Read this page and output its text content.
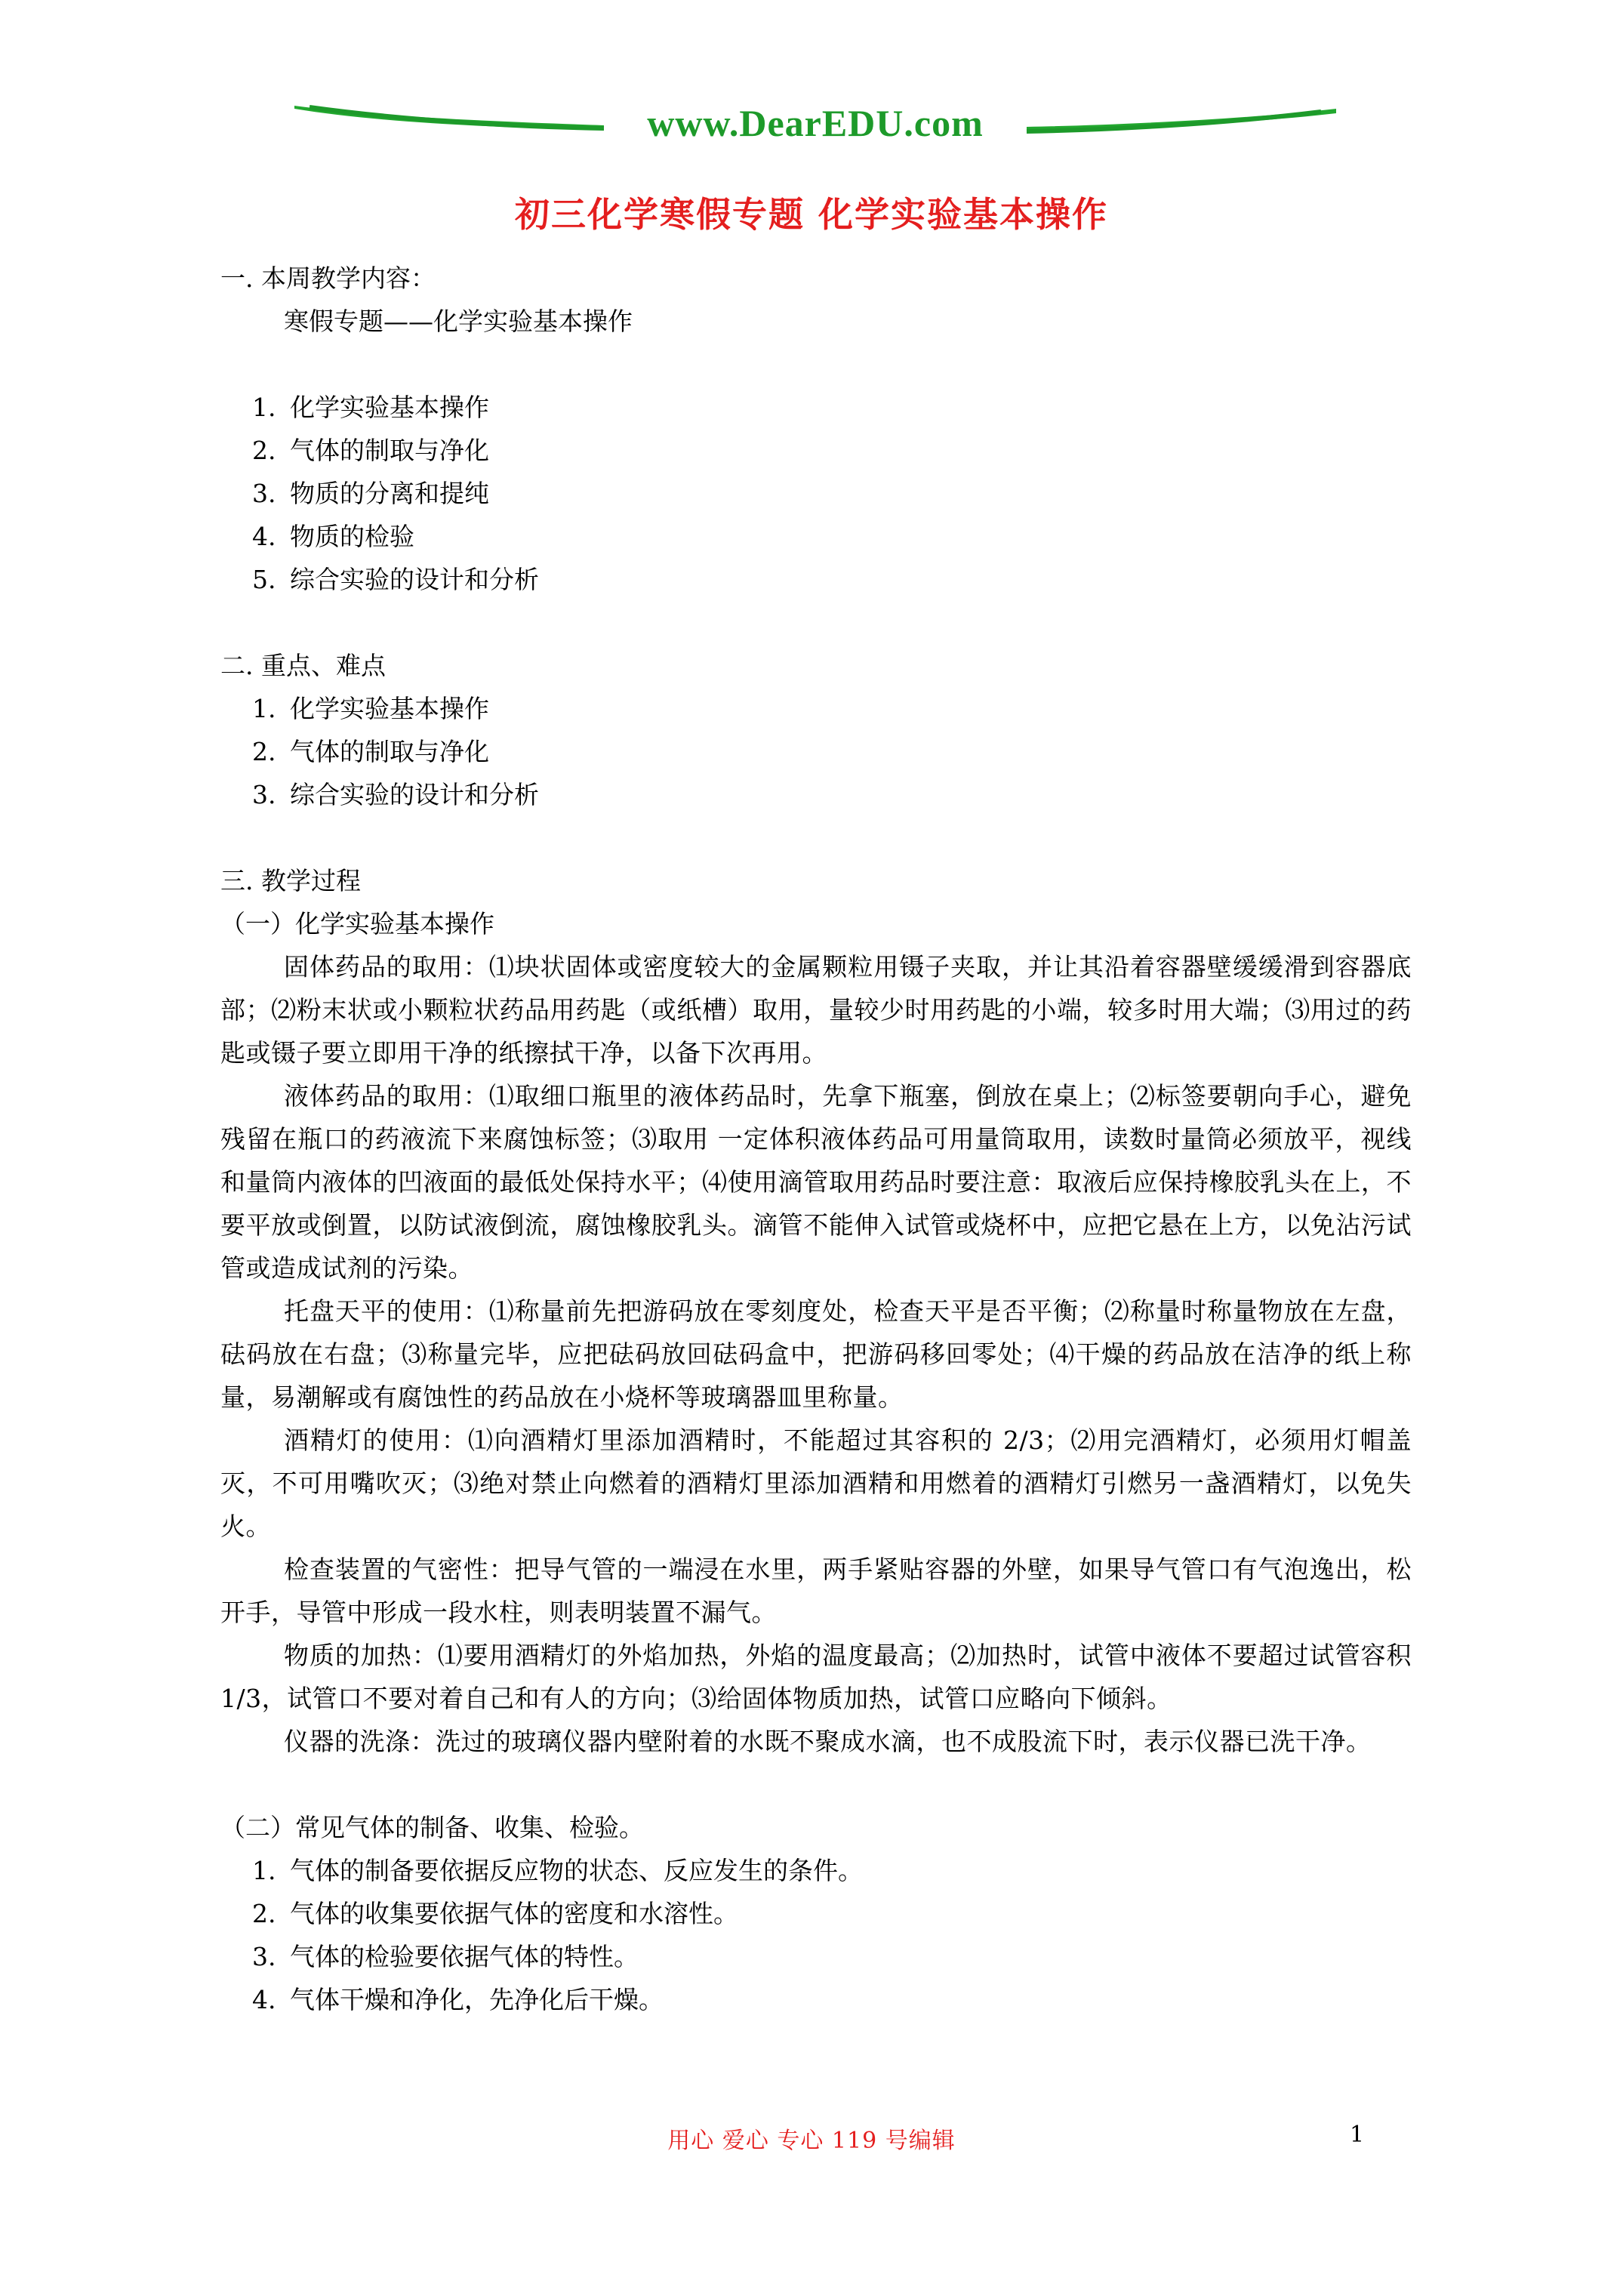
www.DearEDU.com
初三化学寒假专题 化学实验基本操作
一. 本周教学内容：
寒假专题——化学实验基本操作
1. 化学实验基本操作
2. 气体的制取与净化
3. 物质的分离和提纯
4. 物质的检验
5. 综合实验的设计和分析
二. 重点、难点
1. 化学实验基本操作
2. 气体的制取与净化
3. 综合实验的设计和分析
三. 教学过程
（一）化学实验基本操作

固体药品的取用：⑴块状固体或密度较大的金属颗粒用镊子夹取，并让其沿着容器壁缓缓滑到容器底部；⑵粉末状或小颗粒状药品用药匙（或纸槽）取用，量较少时用药匙的小端，较多时用大端；⑶用过的药匙或镊子要立即用干净的纸擦拭干净，以备下次再用。

液体药品的取用：⑴取细口瓶里的液体药品时，先拿下瓶塞，倒放在桌上；⑵标签要朝向手心，避免残留在瓶口的药液流下来腐蚀标签；⑶取用 一定体积液体药品可用量筒取用，读数时量筒必须放平，视线和量筒内液体的凹液面的最低处保持水平；⑷使用滴管取用药品时要注意：取液后应保持橡胶乳头在上，不要平放或倒置，以防试液倒流，腐蚀橡胶乳头。滴管不能伸入试管或烧杯中，应把它悬在上方，以免沾污试管或造成试剂的污染。

托盘天平的使用：⑴称量前先把游码放在零刻度处，检查天平是否平衡；⑵称量时称量物放在左盘，砝码放在右盘；⑶称量完毕，应把砝码放回砝码盒中，把游码移回零处；⑷干燥的药品放在洁净的纸上称量，易潮解或有腐蚀性的药品放在小烧杯等玻璃器皿里称量。

酒精灯的使用：⑴向酒精灯里添加酒精时，不能超过其容积的 2/3；⑵用完酒精灯，必须用灯帽盖灭，不可用嘴吹灭；⑶绝对禁止向燃着的酒精灯里添加酒精和用燃着的酒精灯引燃另一盏酒精灯，以免失火。

检查装置的气密性：把导气管的一端浸在水里，两手紧贴容器的外壁，如果导气管口有气泡逸出，松开手，导管中形成一段水柱，则表明装置不漏气。

物质的加热：⑴要用酒精灯的外焰加热，外焰的温度最高；⑵加热时，试管中液体不要超过试管容积 1/3，试管口不要对着自己和有人的方向；⑶给固体物质加热，试管口应略向下倾斜。

仪器的洗涤：洗过的玻璃仪器内壁附着的水既不聚成水滴，也不成股流下时，表示仪器已洗干净。

（二）常见气体的制备、收集、检验。
1. 气体的制备要依据反应物的状态、反应发生的条件。
2. 气体的收集要依据气体的密度和水溶性。
3. 气体的检验要依据气体的特性。
4. 气体干燥和净化，先净化后干燥。
用心 爱心 专心 119 号编辑	1
